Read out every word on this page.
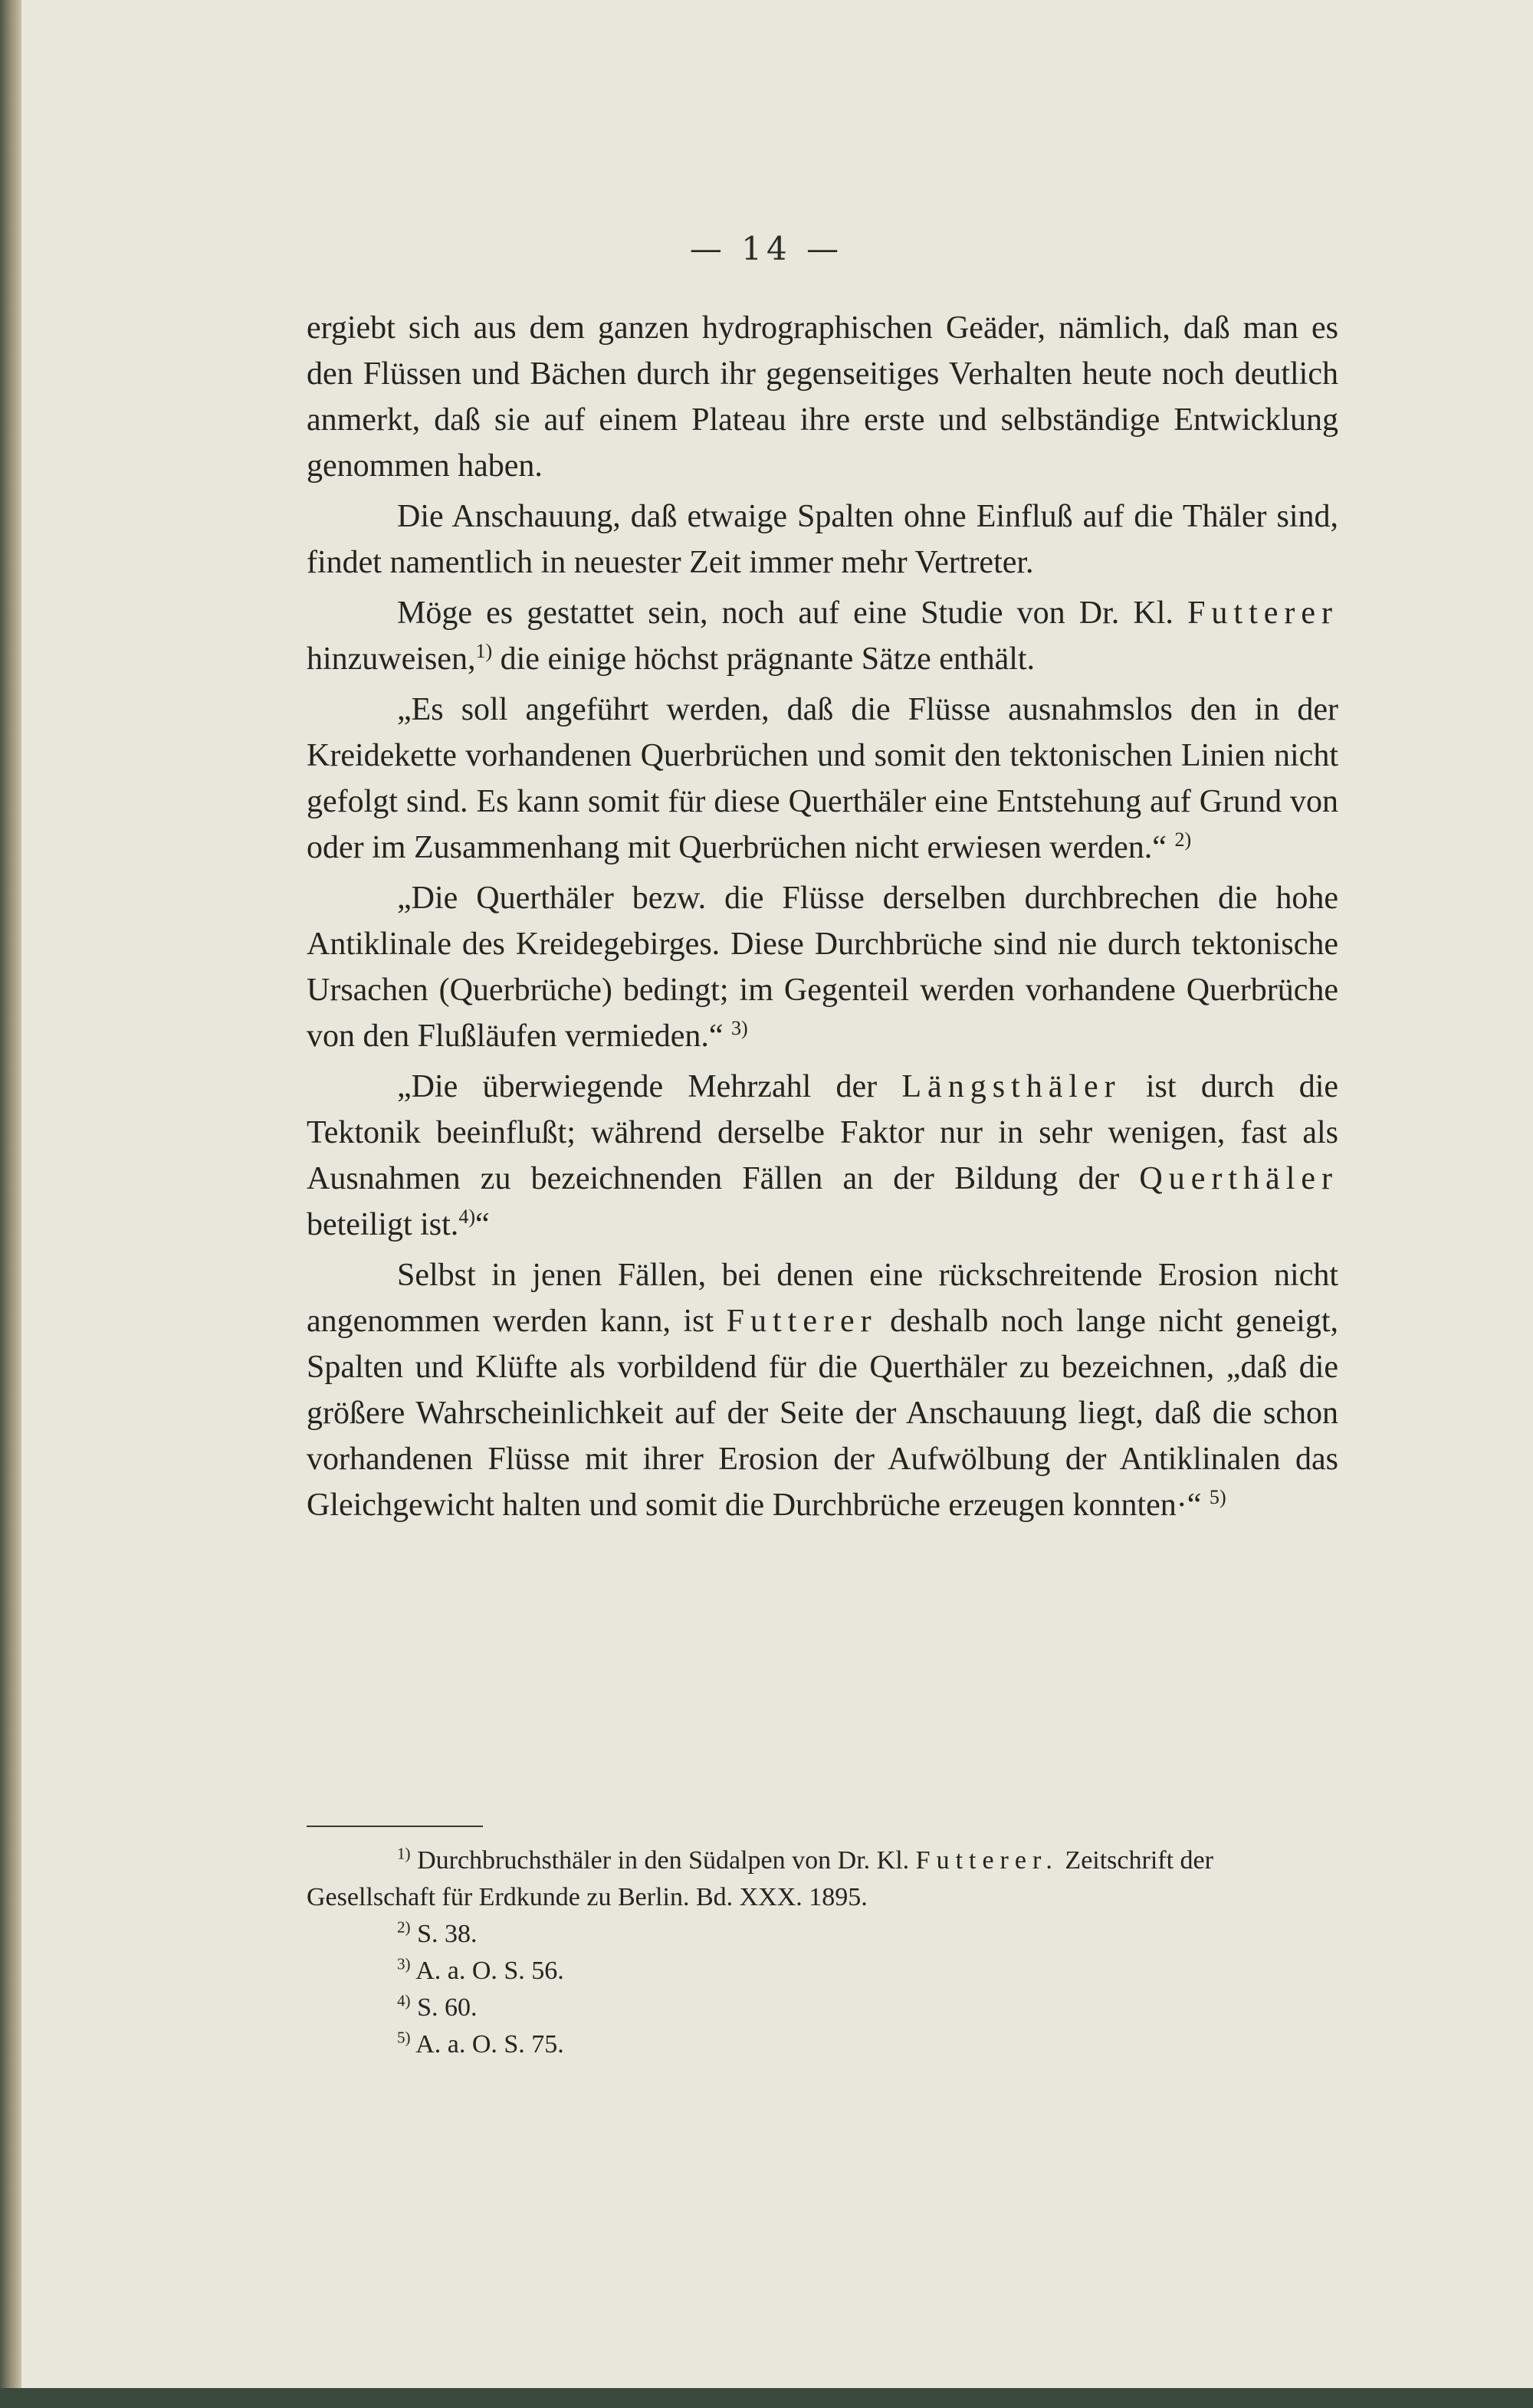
— 14 —

ergiebt sich aus dem ganzen hydrographischen Geäder, nämlich, daß man es den Flüssen und Bächen durch ihr gegenseitiges Verhalten heute noch deutlich anmerkt, daß sie auf einem Plateau ihre erste und selbständige Entwicklung genommen haben.

Die Anschauung, daß etwaige Spalten ohne Einfluß auf die Thäler sind, findet namentlich in neuester Zeit immer mehr Vertreter.

Möge es gestattet sein, noch auf eine Studie von Dr. Kl. Futterer hinzuweisen,$^{1)}$ die einige höchst prägnante Sätze enthält.

„Es soll angeführt werden, daß die Flüsse ausnahmslos den in der Kreidekette vorhandenen Querbrüchen und somit den tektonischen Linien nicht gefolgt sind. Es kann somit für diese Querthäler eine Entstehung auf Grund von oder im Zusammenhang mit Querbrüchen nicht erwiesen werden.“ $^{2)}$

„Die Querthäler bezw. die Flüsse derselben durchbrechen die hohe Antiklinale des Kreidegebirges. Diese Durchbrüche sind nie durch tektonische Ursachen (Querbrüche) bedingt; im Gegenteil werden vorhandene Querbrüche von den Flußläufen vermieden.“ $^{3)}$

„Die überwiegende Mehrzahl der Längsthäler ist durch die Tektonik beeinflußt; während derselbe Faktor nur in sehr wenigen, fast als Ausnahmen zu bezeichnenden Fällen an der Bildung der Querthäler beteiligt ist.$^{4)}$“

Selbst in jenen Fällen, bei denen eine rückschreitende Erosion nicht angenommen werden kann, ist Futterer deshalb noch lange nicht geneigt, Spalten und Klüfte als vorbildend für die Querthäler zu bezeichnen, „daß die größere Wahrscheinlichkeit auf der Seite der Anschauung liegt, daß die schon vorhandenen Flüsse mit ihrer Erosion der Aufwölbung der Antiklinalen das Gleichgewicht halten und somit die Durchbrüche erzeugen konnten·“ $^{5)}$

$^{1)}$ Durchbruchsthäler in den Südalpen von Dr. Kl. Futterer. Zeitschrift der Gesellschaft für Erdkunde zu Berlin. Bd. XXX. 1895.

$^{2)}$ S. 38.

$^{3)}$ A. a. O. S. 56.

$^{4)}$ S. 60.

$^{5)}$ A. a. O. S. 75.
